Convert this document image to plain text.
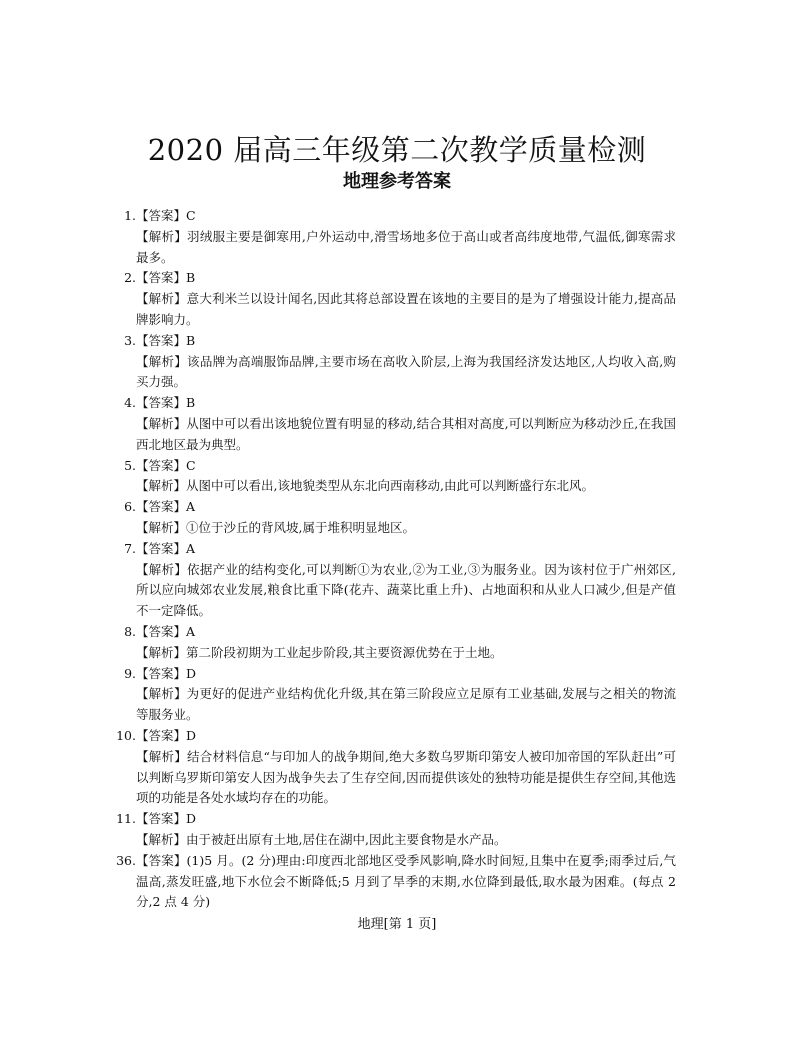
2020 届高三年级第二次教学质量检测
地理参考答案
1. 【答案】C
【解析】羽绒服主要是御寒用,户外运动中,滑雪场地多位于高山或者高纬度地带,气温低,御寒需求最多。
2. 【答案】B
【解析】意大利米兰以设计闻名,因此其将总部设置在该地的主要目的是为了增强设计能力,提高品牌影响力。
3. 【答案】B
【解析】该品牌为高端服饰品牌,主要市场在高收入阶层,上海为我国经济发达地区,人均收入高,购买力强。
4. 【答案】B
【解析】从图中可以看出该地貌位置有明显的移动,结合其相对高度,可以判断应为移动沙丘,在我国西北地区最为典型。
5. 【答案】C
【解析】从图中可以看出,该地貌类型从东北向西南移动,由此可以判断盛行东北风。
6. 【答案】A
【解析】①位于沙丘的背风坡,属于堆积明显地区。
7. 【答案】A
【解析】依据产业的结构变化,可以判断①为农业,②为工业,③为服务业。因为该村位于广州郊区,所以应向城郊农业发展,粮食比重下降(花卉、蔬菜比重上升)、占地面积和从业人口减少,但是产值不一定降低。
8. 【答案】A
【解析】第二阶段初期为工业起步阶段,其主要资源优势在于土地。
9. 【答案】D
【解析】为更好的促进产业结构优化升级,其在第三阶段应立足原有工业基础,发展与之相关的物流等服务业。
10. 【答案】D
【解析】结合材料信息“与印加人的战争期间,绝大多数乌罗斯印第安人被印加帝国的军队赶出”可以判断乌罗斯印第安人因为战争失去了生存空间,因而提供该处的独特功能是提供生存空间,其他选项的功能是各处水域均存在的功能。
11. 【答案】D
【解析】由于被赶出原有土地,居住在湖中,因此主要食物是水产品。
36. 【答案】(1)5 月。(2 分)理由:印度西北部地区受季风影响,降水时间短,且集中在夏季;雨季过后,气温高,蒸发旺盛,地下水位会不断降低;5 月到了旱季的末期,水位降到最低,取水最为困难。(每点 2 分,2 点 4 分)
地理[第 1 页]
